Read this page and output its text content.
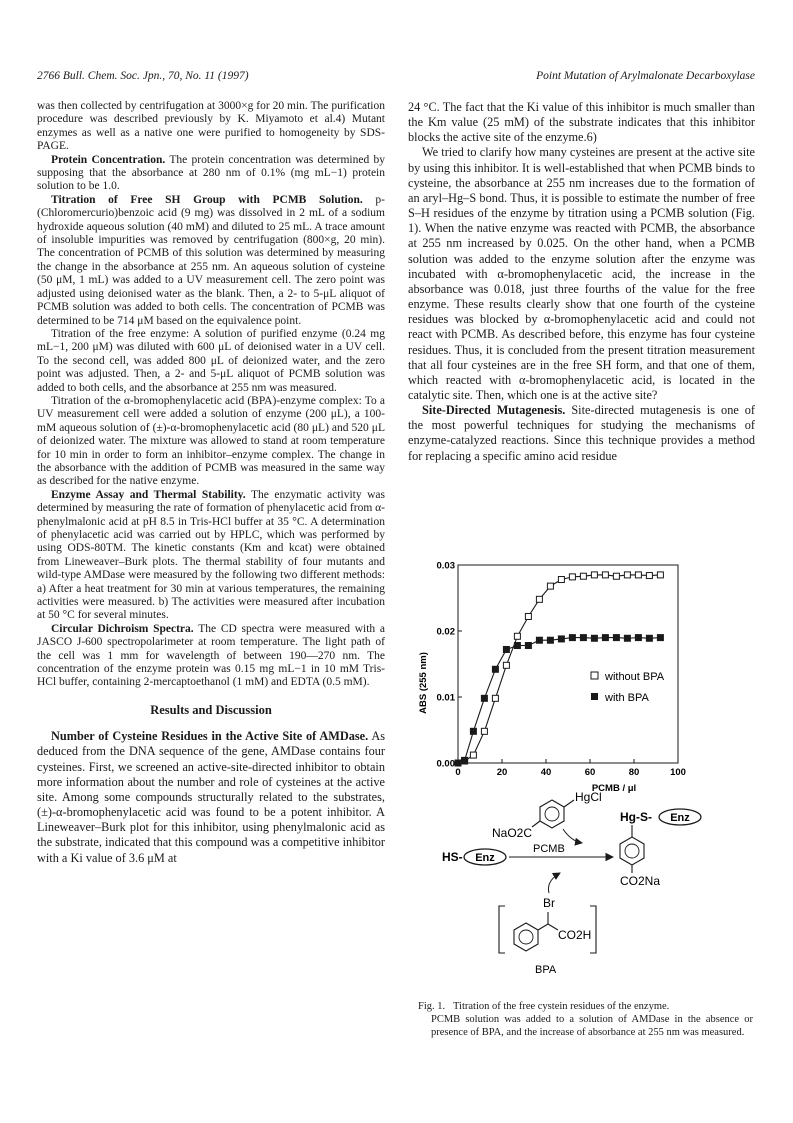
2766 Bull. Chem. Soc. Jpn., 70, No. 11 (1997)	Point Mutation of Arylmalonate Decarboxylase

was then collected by centrifugation at 3000×g for 20 min. The purification procedure was described previously by K. Miyamoto et al.4) Mutant enzymes as well as a native one were purified to homogeneity by SDS-PAGE.

Protein Concentration. The protein concentration was determined by supposing that the absorbance at 280 nm of 0.1% (mg mL−1) protein solution to be 1.0.

Titration of Free SH Group with PCMB Solution. p-(Chloromercurio)benzoic acid (9 mg) was dissolved in 2 mL of a sodium hydroxide aqueous solution (40 mM) and diluted to 25 mL. A trace amount of insoluble impurities was removed by centrifugation (800×g, 20 min). The concentration of PCMB of this solution was determined by measuring the change in the absorbance at 255 nm. An aqueous solution of cysteine (50 μM, 1 mL) was added to a UV measurement cell. The zero point was adjusted using deionised water as the blank. Then, a 2- to 5-μL aliquot of PCMB solution was added to both cells. The concentration of PCMB was determined to be 714 μM based on the equivalence point.

Titration of the free enzyme: A solution of purified enzyme (0.24 mg mL−1, 200 μM) was diluted with 600 μL of deionised water in a UV cell. To the second cell, was added 800 μL of deionized water, and the zero point was adjusted. Then, a 2- and 5-μL aliquot of PCMB solution was added to both cells, and the absorbance at 255 nm was measured.

Titration of the α-bromophenylacetic acid (BPA)-enzyme complex: To a UV measurement cell were added a solution of enzyme (200 μL), a 100-mM aqueous solution of (±)-α-bromophenylacetic acid (80 μL) and 520 μL of deionized water. The mixture was allowed to stand at room temperature for 10 min in order to form an inhibitor–enzyme complex. The change in the absorbance with the addition of PCMB was measured in the same way as described for the native enzyme.

Enzyme Assay and Thermal Stability. The enzymatic activity was determined by measuring the rate of formation of phenylacetic acid from α-phenylmalonic acid at pH 8.5 in Tris-HCl buffer at 35 °C. A determination of phenylacetic acid was carried out by HPLC, which was performed by using ODS-80TM. The kinetic constants (Km and kcat) were obtained from Lineweaver–Burk plots. The thermal stability of four mutants and wild-type AMDase were measured by the following two different methods: a) After a heat treatment for 30 min at various temperatures, the remaining activities were measured. b) The activities were measured after incubation at 50 °C for several minutes.

Circular Dichroism Spectra. The CD spectra were measured with a JASCO J-600 spectropolarimeter at room temperature. The light path of the cell was 1 mm for wavelength of between 190—270 nm. The concentration of the enzyme protein was 0.15 mg mL−1 in 10 mM Tris-HCl buffer, containing 2-mercaptoethanol (1 mM) and EDTA (0.5 mM).

Results and Discussion

Number of Cysteine Residues in the Active Site of AMDase. As deduced from the DNA sequence of the gene, AMDase contains four cysteines. First, we screened an active-site-directed inhibitor to obtain more information about the number and role of cysteines at the active site. Among some compounds structurally related to the substrates, (±)-α-bromophenylacetic acid was found to be a potent inhibitor. A Lineweaver–Burk plot for this inhibitor, using phenylmalonic acid as the substrate, indicated that this compound was a competitive inhibitor with a Ki value of 3.6 μM at

24 °C. The fact that the Ki value of this inhibitor is much smaller than the Km value (25 mM) of the substrate indicates that this inhibitor blocks the active site of the enzyme.6)

We tried to clarify how many cysteines are present at the active site by using this inhibitor. It is well-established that when PCMB binds to cysteine, the absorbance at 255 nm increases due to the formation of an aryl–Hg–S bond. Thus, it is possible to estimate the number of free S–H residues of the enzyme by titration using a PCMB solution (Fig. 1). When the native enzyme was reacted with PCMB, the absorbance at 255 nm increased by 0.025. On the other hand, when a PCMB solution was added to the enzyme solution after the enzyme was incubated with α-bromophenylacetic acid, the increase in the absorbance was 0.018, just three fourths of the value for the free enzyme. These results clearly show that one fourth of the cysteine residues was blocked by α-bromophenylacetic acid and could not react with PCMB. As described before, this enzyme has four cysteine residues. Thus, it is concluded from the present titration measurement that all four cysteines are in the free SH form, and that one of them, which reacted with α-bromophenylacetic acid, is located in the catalytic site. Then, which one is at the active site?

Site-Directed Mutagenesis. Site-directed mutagenesis is one of the most powerful techniques for studying the mechanisms of enzyme-catalyzed reactions. Since this technique provides a method for replacing a specific amino acid residue

0	20	40	60	80	100
0.00
0.01
0.02
0.03
ABS (255 nm)
PCMB / μl
without BPA
with BPA
HgCl
NaO2C
PCMB
HS- Enz
Hg-S- Enz
CO2Na
Br
CO2H
BPA
Fig. 1. Titration of the free cystein residues of the enzyme.
PCMB solution was added to a solution of AMDase in the absence or presence of BPA, and the increase of absorbance at 255 nm was measured.
